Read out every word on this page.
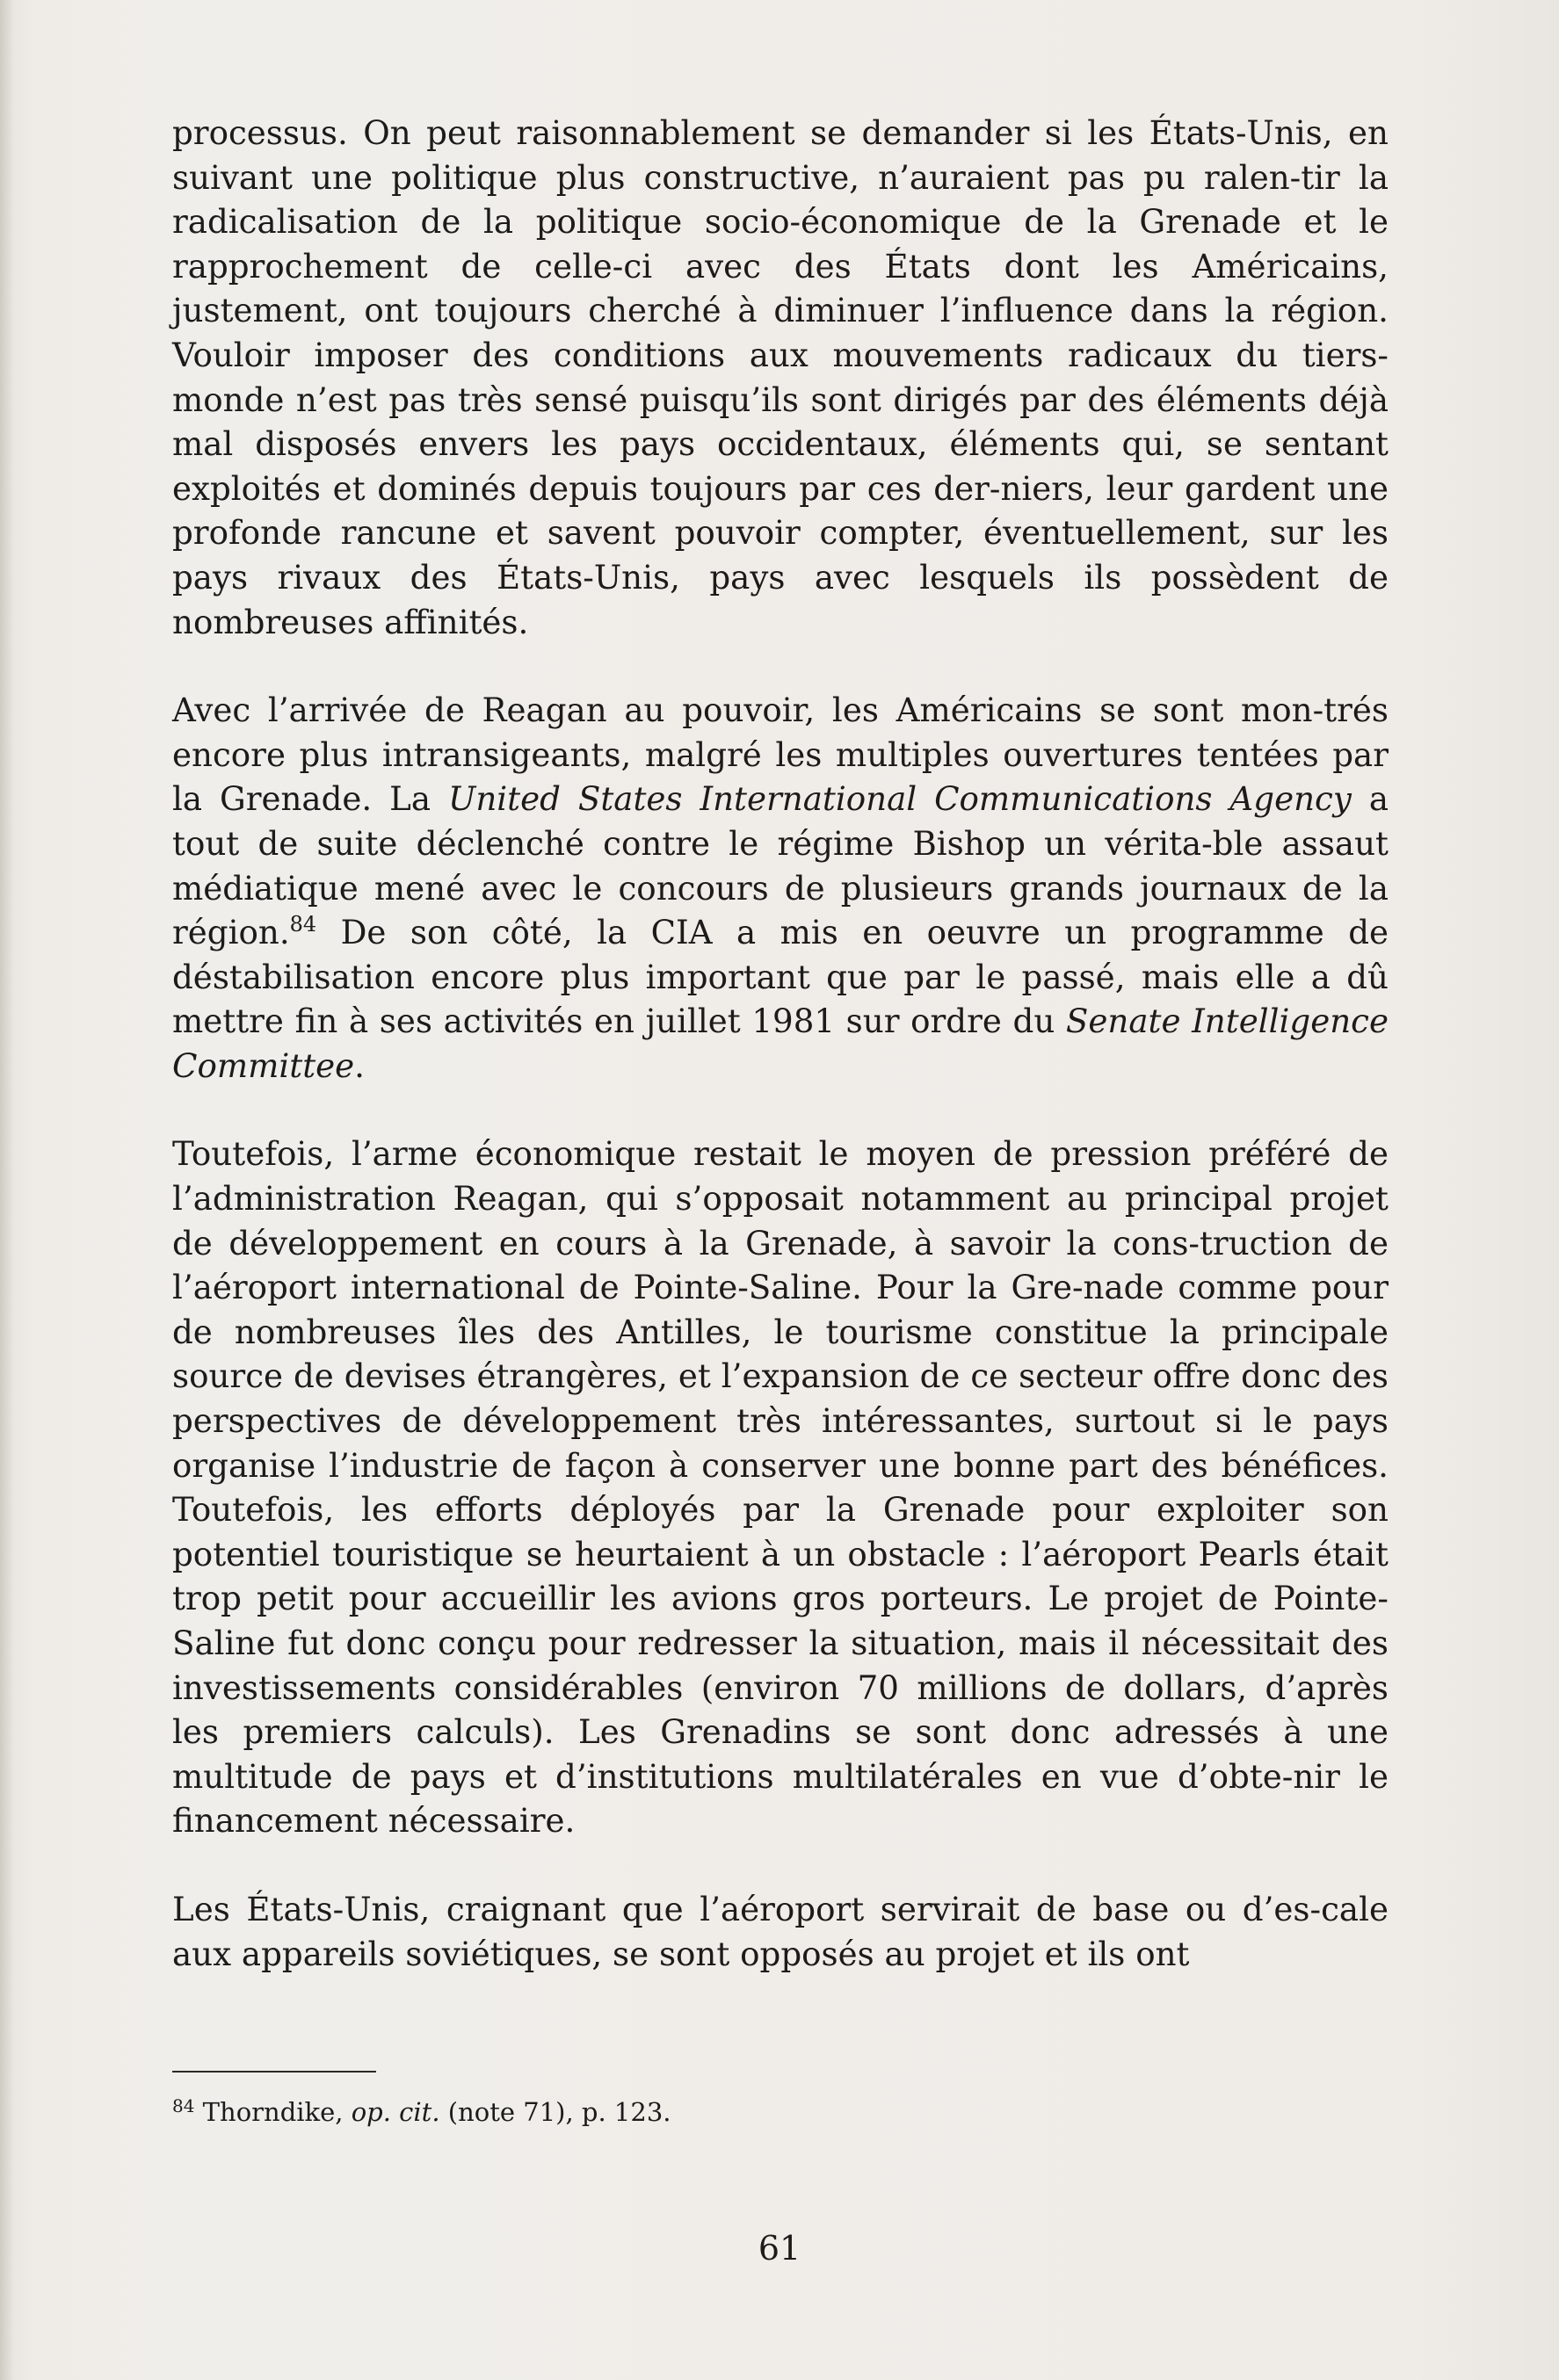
processus. On peut raisonnablement se demander si les États-Unis, en suivant une politique plus constructive, n’auraient pas pu ralen-tir la radicalisation de la politique socio-économique de la Grenade et le rapprochement de celle-ci avec des États dont les Américains, justement, ont toujours cherché à diminuer l’influence dans la région. Vouloir imposer des conditions aux mouvements radicaux du tiers-monde n’est pas très sensé puisqu’ils sont dirigés par des éléments déjà mal disposés envers les pays occidentaux, éléments qui, se sentant exploités et dominés depuis toujours par ces der-niers, leur gardent une profonde rancune et savent pouvoir compter, éventuellement, sur les pays rivaux des États-Unis, pays avec lesquels ils possèdent de nombreuses affinités.

Avec l’arrivée de Reagan au pouvoir, les Américains se sont mon-trés encore plus intransigeants, malgré les multiples ouvertures tentées par la Grenade. La United States International Communications Agency a tout de suite déclenché contre le régime Bishop un vérita-ble assaut médiatique mené avec le concours de plusieurs grands journaux de la région.$^{84}$ De son côté, la CIA a mis en oeuvre un programme de déstabilisation encore plus important que par le passé, mais elle a dû mettre fin à ses activités en juillet 1981 sur ordre du Senate Intelligence Committee.

Toutefois, l’arme économique restait le moyen de pression préféré de l’administration Reagan, qui s’opposait notamment au principal projet de développement en cours à la Grenade, à savoir la cons-truction de l’aéroport international de Pointe-Saline. Pour la Gre-nade comme pour de nombreuses îles des Antilles, le tourisme constitue la principale source de devises étrangères, et l’expansion de ce secteur offre donc des perspectives de développement très intéressantes, surtout si le pays organise l’industrie de façon à conserver une bonne part des bénéfices. Toutefois, les efforts déployés par la Grenade pour exploiter son potentiel touristique se heurtaient à un obstacle : l’aéroport Pearls était trop petit pour accueillir les avions gros porteurs. Le projet de Pointe-Saline fut donc conçu pour redresser la situation, mais il nécessitait des investissements considérables (environ 70 millions de dollars, d’après les premiers calculs). Les Grenadins se sont donc adressés à une multitude de pays et d’institutions multilatérales en vue d’obte-nir le financement nécessaire.

Les États-Unis, craignant que l’aéroport servirait de base ou d’es-cale aux appareils soviétiques, se sont opposés au projet et ils ont

$^{84}$ Thorndike, op. cit. (note 71), p. 123.

61
